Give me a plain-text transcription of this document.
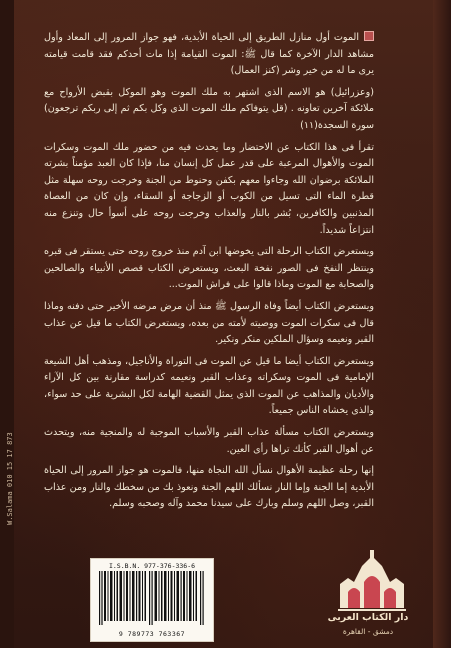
الموت أول منازل الطريق إلى الحياة الأبدية، فهو جواز المرور إلى المعاد وأول مشاهد الدار الآخرة كما قال ﷺ: الموت القيامة إذا مات أحدكم فقد قامت قيامته يرى ما له من خير وشر (كنز العمال)

(وعزرائيل) هو الاسم الذى اشتهر به ملك الموت وهو الموكل بقبض الأرواح مع ملائكة آخرين تعاونه . (قل يتوفاكم ملك الموت الذى وكل بكم ثم إلى ربكم ترجعون) سورة السجدة(١١)

تقرأ فى هذا الكتاب عن الاحتضار وما يحدث فيه من حضور ملك الموت وسكرات الموت والأهوال المرعبة على قدر عمل كل إنسان منا، فإذا كان العبد مؤمناً بشرته الملائكة برضوان الله وجاءوا معهم بكفن وحنوط من الجنة وخرجت روحه سهلة مثل قطرة الماء التى تسيل من الكوب أو الزجاجة أو السقاء، وإن كان من العصاة المذنبين والكافرين، بُشر بالنار والعذاب وخرجت روحه على أسوأ حال وتنزع منه انتزاعاً شديداً.

ويستعرض الكتاب الرحلة التى يخوضها ابن آدم منذ خروج روحه حتى يستقر فى قبره وينتظر النفخ فى الصور نفخة البعث، ويستعرض الكتاب قصص الأنبياء والصالحين والصحابة مع الموت وماذا قالوا على فراش الموت...

ويستعرض الكتاب أيضاً وفاة الرسول ﷺ منذ أن مرض مرضه الأخير حتى دفنه وماذا قال فى سكرات الموت ووصيته لأمته من بعده، ويستعرض الكتاب ما قيل عن عذاب القبر ونعيمه وسؤال الملكين منكر ونكير.

ويستعرض الكتاب أيضا ما قيل عن الموت فى التوراة والأناجيل، ومذهب أهل الشيعة الإمامية فى الموت وسكراته وعذاب القبر ونعيمه كدراسة مقارنة بين كل الآراء والأديان والمذاهب عن الموت الذى يمثل القضية الهامة لكل البشرية على حد سواء، والذى يخشاه الناس جميعاً.

ويستعرض الكتاب مسألة عذاب القبر والأسباب الموجبة له والمنجية منه، ويتحدث عن أهوال القبر كأنك تراها رأى العين.

إنها رحلة عظيمة الأهوال نسأل الله النجاة منها، فالموت هو جواز المرور إلى الحياة الأبدية إما الجنة وإما النار نسألك اللهم الجنة ونعوذ بك من سخطك والنار ومن عذاب القبر، وصل اللهم وسلم وبارك على سيدنا محمد وآله وصحبه وسلم.

W.Salama 010 15 17 873
I.S.B.N. 977-376-336-6
9 789773 763367
دار الكتاب العربى
دمشق - القاهرة
